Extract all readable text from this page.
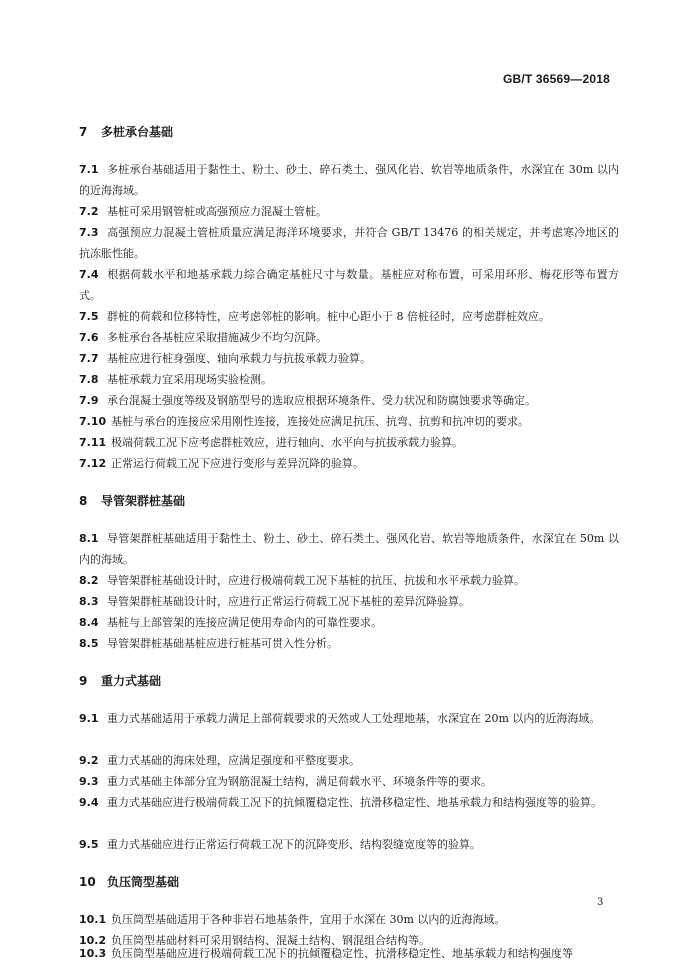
GB/T 36569—2018
7 多桩承台基础
7.1 多桩承台基础适用于黏性土、粉土、砂土、碎石类土、强风化岩、软岩等地质条件，水深宜在 30m 以内的近海海域。
7.2 基桩可采用钢管桩或高强预应力混凝土管桩。
7.3 高强预应力混凝土管桩质量应满足海洋环境要求，并符合 GB/T 13476 的相关规定，并考虑寒冷地区的抗冻胀性能。
7.4 根据荷载水平和地基承载力综合确定基桩尺寸与数量。基桩应对称布置，可采用环形、梅花形等布置方式。
7.5 群桩的荷载和位移特性，应考虑邻桩的影响。桩中心距小于 8 倍桩径时，应考虑群桩效应。
7.6 多桩承台各基桩应采取措施减少不均匀沉降。
7.7 基桩应进行桩身强度、轴向承载力与抗拔承载力验算。
7.8 基桩承载力宜采用现场实验检测。
7.9 承台混凝土强度等级及钢筋型号的选取应根据环境条件、受力状况和防腐蚀要求等确定。
7.10 基桩与承台的连接应采用刚性连接，连接处应满足抗压、抗弯、抗剪和抗冲切的要求。
7.11 极端荷载工况下应考虑群桩效应，进行轴向、水平向与抗拔承载力验算。
7.12 正常运行荷载工况下应进行变形与差异沉降的验算。
8 导管架群桩基础
8.1 导管架群桩基础适用于黏性土、粉土、砂土、碎石类土、强风化岩、软岩等地质条件，水深宜在 50m 以内的海域。
8.2 导管架群桩基础设计时，应进行极端荷载工况下基桩的抗压、抗拔和水平承载力验算。
8.3 导管架群桩基础设计时，应进行正常运行荷载工况下基桩的差异沉降验算。
8.4 基桩与上部管架的连接应满足使用寿命内的可靠性要求。
8.5 导管架群桩基础基桩应进行桩基可贯入性分析。
9 重力式基础
9.1 重力式基础适用于承载力满足上部荷载要求的天然或人工处理地基，水深宜在 20m 以内的近海海域。
9.2 重力式基础的海床处理，应满足强度和平整度要求。
9.3 重力式基础主体部分宜为钢筋混凝土结构，满足荷载水平、环境条件等的要求。
9.4 重力式基础应进行极端荷载工况下的抗倾覆稳定性、抗滑移稳定性、地基承载力和结构强度等的验算。
9.5 重力式基础应进行正常运行荷载工况下的沉降变形、结构裂缝宽度等的验算。
10 负压筒型基础
10.1 负压筒型基础适用于各种非岩石地基条件，宜用于水深在 30m 以内的近海海域。
10.2 负压筒型基础材料可采用钢结构、混凝土结构、钢混组合结构等。
10.3 负压筒型基础应进行极端荷载工况下的抗倾覆稳定性、抗滑移稳定性、地基承载力和结构强度等
3
